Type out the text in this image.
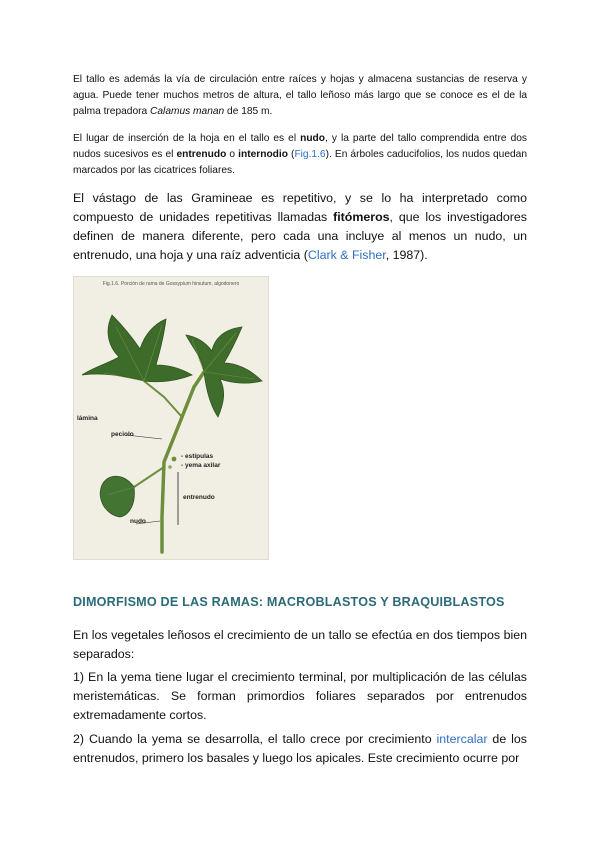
El tallo es además la vía de circulación entre raíces y hojas y almacena sustancias de reserva y agua. Puede tener muchos metros de altura, el tallo leñoso más largo que se conoce es el de la palma trepadora Calamus manan de 185 m.

El lugar de inserción de la hoja en el tallo es el nudo, y la parte del tallo comprendida entre dos nudos sucesivos es el entrenudo o internodio (Fig.1.6). En árboles caducifolios, los nudos quedan marcados por las cicatrices foliares.

El vástago de las Gramineae es repetitivo, y se lo ha interpretado como compuesto de unidades repetitivas llamadas fitómeros, que los investigadores definen de manera diferente, pero cada una incluye al menos un nudo, un entrenudo, una hoja y una raíz adventicia (Clark & Fisher, 1987).

Fig.1.6. Porción de rama de Gossypium hirsutum, algodonero
lámina
peciolo
- estípulas
- yema axilar
entrenudo
nudo
DIMORFISMO DE LAS RAMAS: MACROBLASTOS Y BRAQUIBLASTOS

En los vegetales leñosos el crecimiento de un tallo se efectúa en dos tiempos bien separados:

1) En la yema tiene lugar el crecimiento terminal, por multiplicación de las células meristemáticas. Se forman primordios foliares separados por entrenudos extremadamente cortos.

2) Cuando la yema se desarrolla, el tallo crece por crecimiento intercalar de los entrenudos, primero los basales y luego los apicales. Este crecimiento ocurre por
